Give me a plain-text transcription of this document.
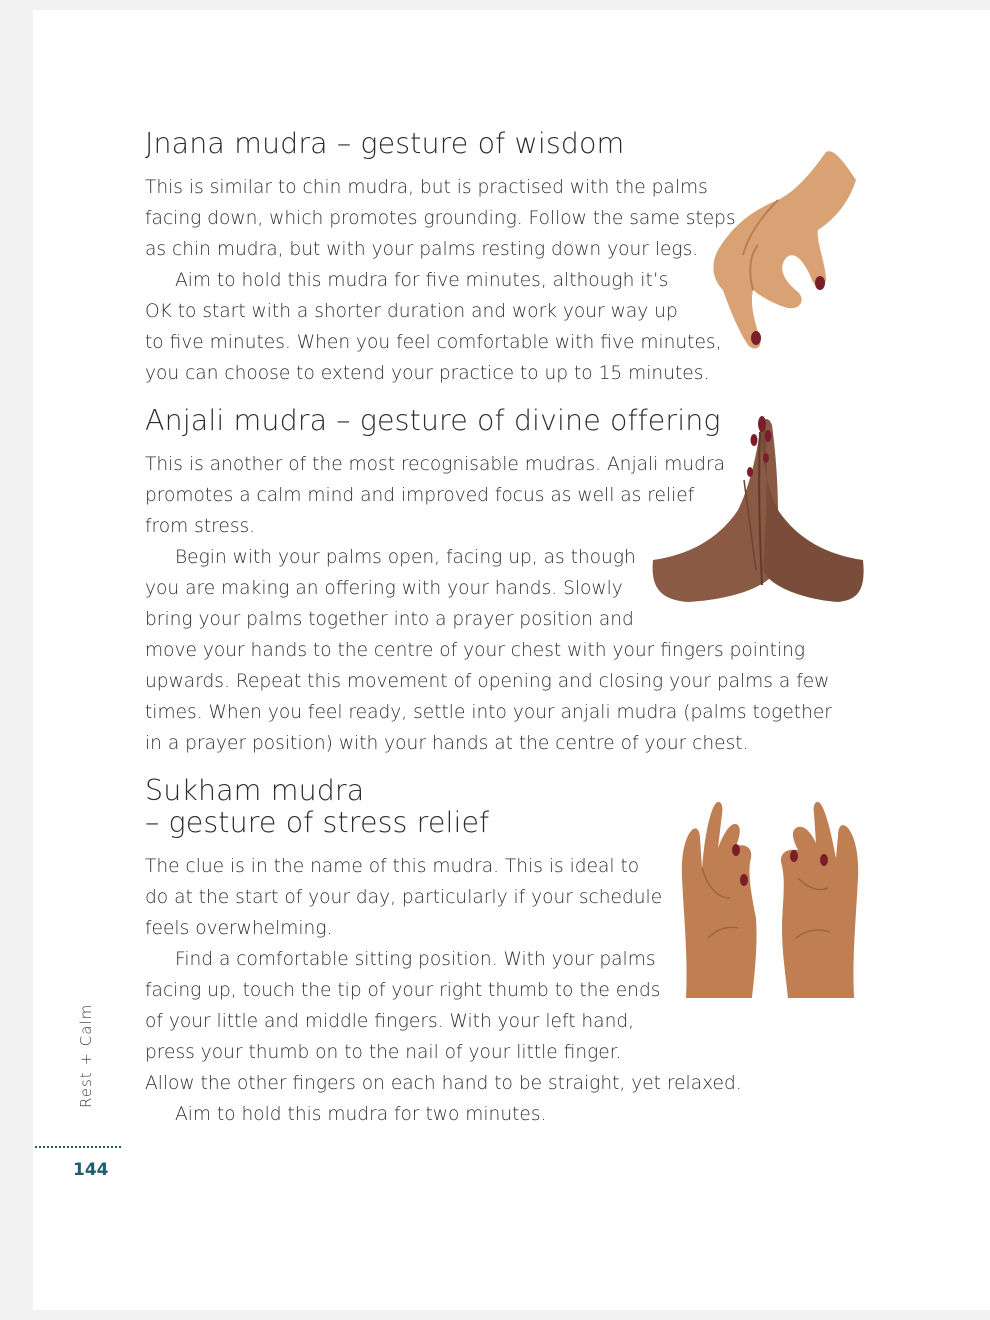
Jnana mudra – gesture of wisdom

This is similar to chin mudra, but is practised with the palms
facing down, which promotes grounding. Follow the same steps
as chin mudra, but with your palms resting down your legs.

Aim to hold this mudra for five minutes, although it’s
OK to start with a shorter duration and work your way up
to five minutes. When you feel comfortable with five minutes,
you can choose to extend your practice to up to 15 minutes.

Anjali mudra – gesture of divine offering

This is another of the most recognisable mudras. Anjali mudra
promotes a calm mind and improved focus as well as relief
from stress.

Begin with your palms open, facing up, as though
you are making an offering with your hands. Slowly
bring your palms together into a prayer position and
move your hands to the centre of your chest with your fingers pointing
upwards. Repeat this movement of opening and closing your palms a few
times. When you feel ready, settle into your anjali mudra (palms together
in a prayer position) with your hands at the centre of your chest.

Sukham mudra
– gesture of stress relief

The clue is in the name of this mudra. This is ideal to
do at the start of your day, particularly if your schedule
feels overwhelming.

Find a comfortable sitting position. With your palms
facing up, touch the tip of your right thumb to the ends
of your little and middle fingers. With your left hand,
press your thumb on to the nail of your little finger.
Allow the other fingers on each hand to be straight, yet relaxed.

Aim to hold this mudra for two minutes.

Rest + Calm
144
